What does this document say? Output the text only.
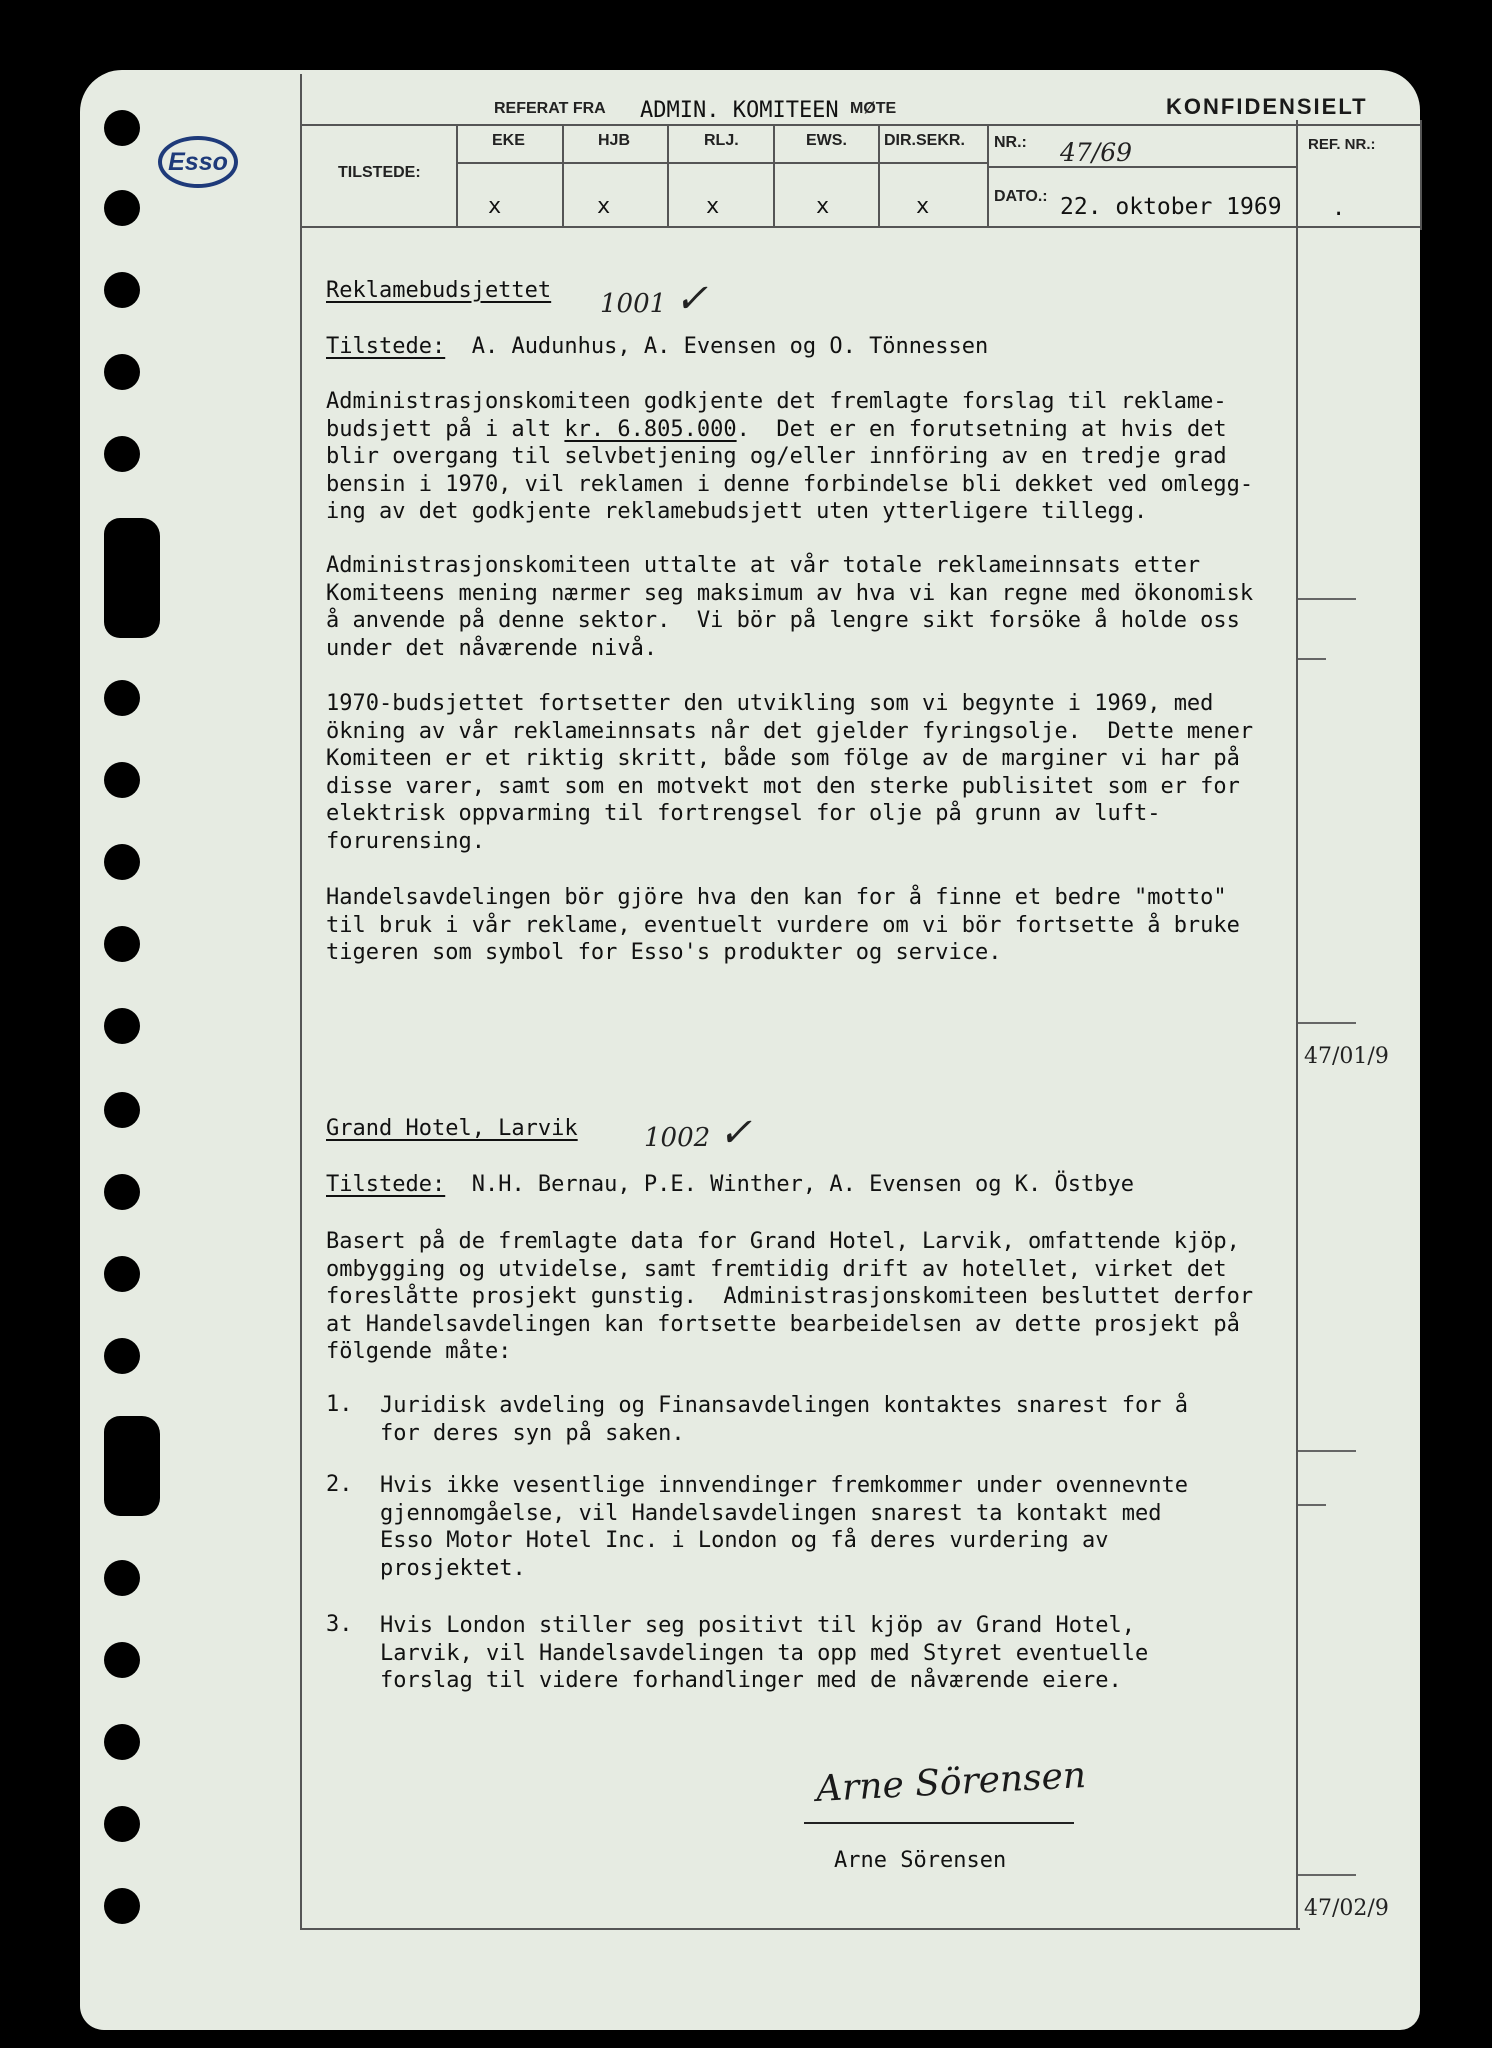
Esso
REFERAT FRA ADMIN. KOMITEEN MØTE	KONFIDENSIELT
TILSTEDE:
EKE
x
HJB
x
RLJ.
x
EWS.
x
DIR.SEKR.
x
NR.: 47/69
DATO.: 22. oktober 1969
REF. NR.:
.
Reklamebudsjettet 1001 ✓
Tilstede:  A. Audunhus, A. Evensen og O. Tönnessen
Administrasjonskomiteen godkjente det fremlagte forslag til reklame-
budsjett på i alt kr. 6.805.000.  Det er en forutsetning at hvis det
blir overgang til selvbetjening og/eller innföring av en tredje grad
bensin i 1970, vil reklamen i denne forbindelse bli dekket ved omlegg-
ing av det godkjente reklamebudsjett uten ytterligere tillegg.
Administrasjonskomiteen uttalte at vår totale reklameinnsats etter
Komiteens mening nærmer seg maksimum av hva vi kan regne med ökonomisk
å anvende på denne sektor.  Vi bör på lengre sikt forsöke å holde oss
under det nåværende nivå.
1970-budsjettet fortsetter den utvikling som vi begynte i 1969, med
ökning av vår reklameinnsats når det gjelder fyringsolje.  Dette mener
Komiteen er et riktig skritt, både som fölge av de marginer vi har på
disse varer, samt som en motvekt mot den sterke publisitet som er for
elektrisk oppvarming til fortrengsel for olje på grunn av luft-
forurensing.
Handelsavdelingen bör gjöre hva den kan for å finne et bedre "motto"
til bruk i vår reklame, eventuelt vurdere om vi bör fortsette å bruke
tigeren som symbol for Esso's produkter og service.
47/01/9
Grand Hotel, Larvik	1002 ✓
Tilstede:  N.H. Bernau, P.E. Winther, A. Evensen og K. Östbye
Basert på de fremlagte data for Grand Hotel, Larvik, omfattende kjöp,
ombygging og utvidelse, samt fremtidig drift av hotellet, virket det
foreslåtte prosjekt gunstig.  Administrasjonskomiteen besluttet derfor
at Handelsavdelingen kan fortsette bearbeidelsen av dette prosjekt på
fölgende måte:
1. Juridisk avdeling og Finansavdelingen kontaktes snarest for å
for deres syn på saken.
2. Hvis ikke vesentlige innvendinger fremkommer under ovennevnte
gjennomgåelse, vil Handelsavdelingen snarest ta kontakt med
Esso Motor Hotel Inc. i London og få deres vurdering av
prosjektet.
3. Hvis London stiller seg positivt til kjöp av Grand Hotel,
Larvik, vil Handelsavdelingen ta opp med Styret eventuelle
forslag til videre forhandlinger med de nåværende eiere.
Arne Sörensen
Arne Sörensen
47/02/9
